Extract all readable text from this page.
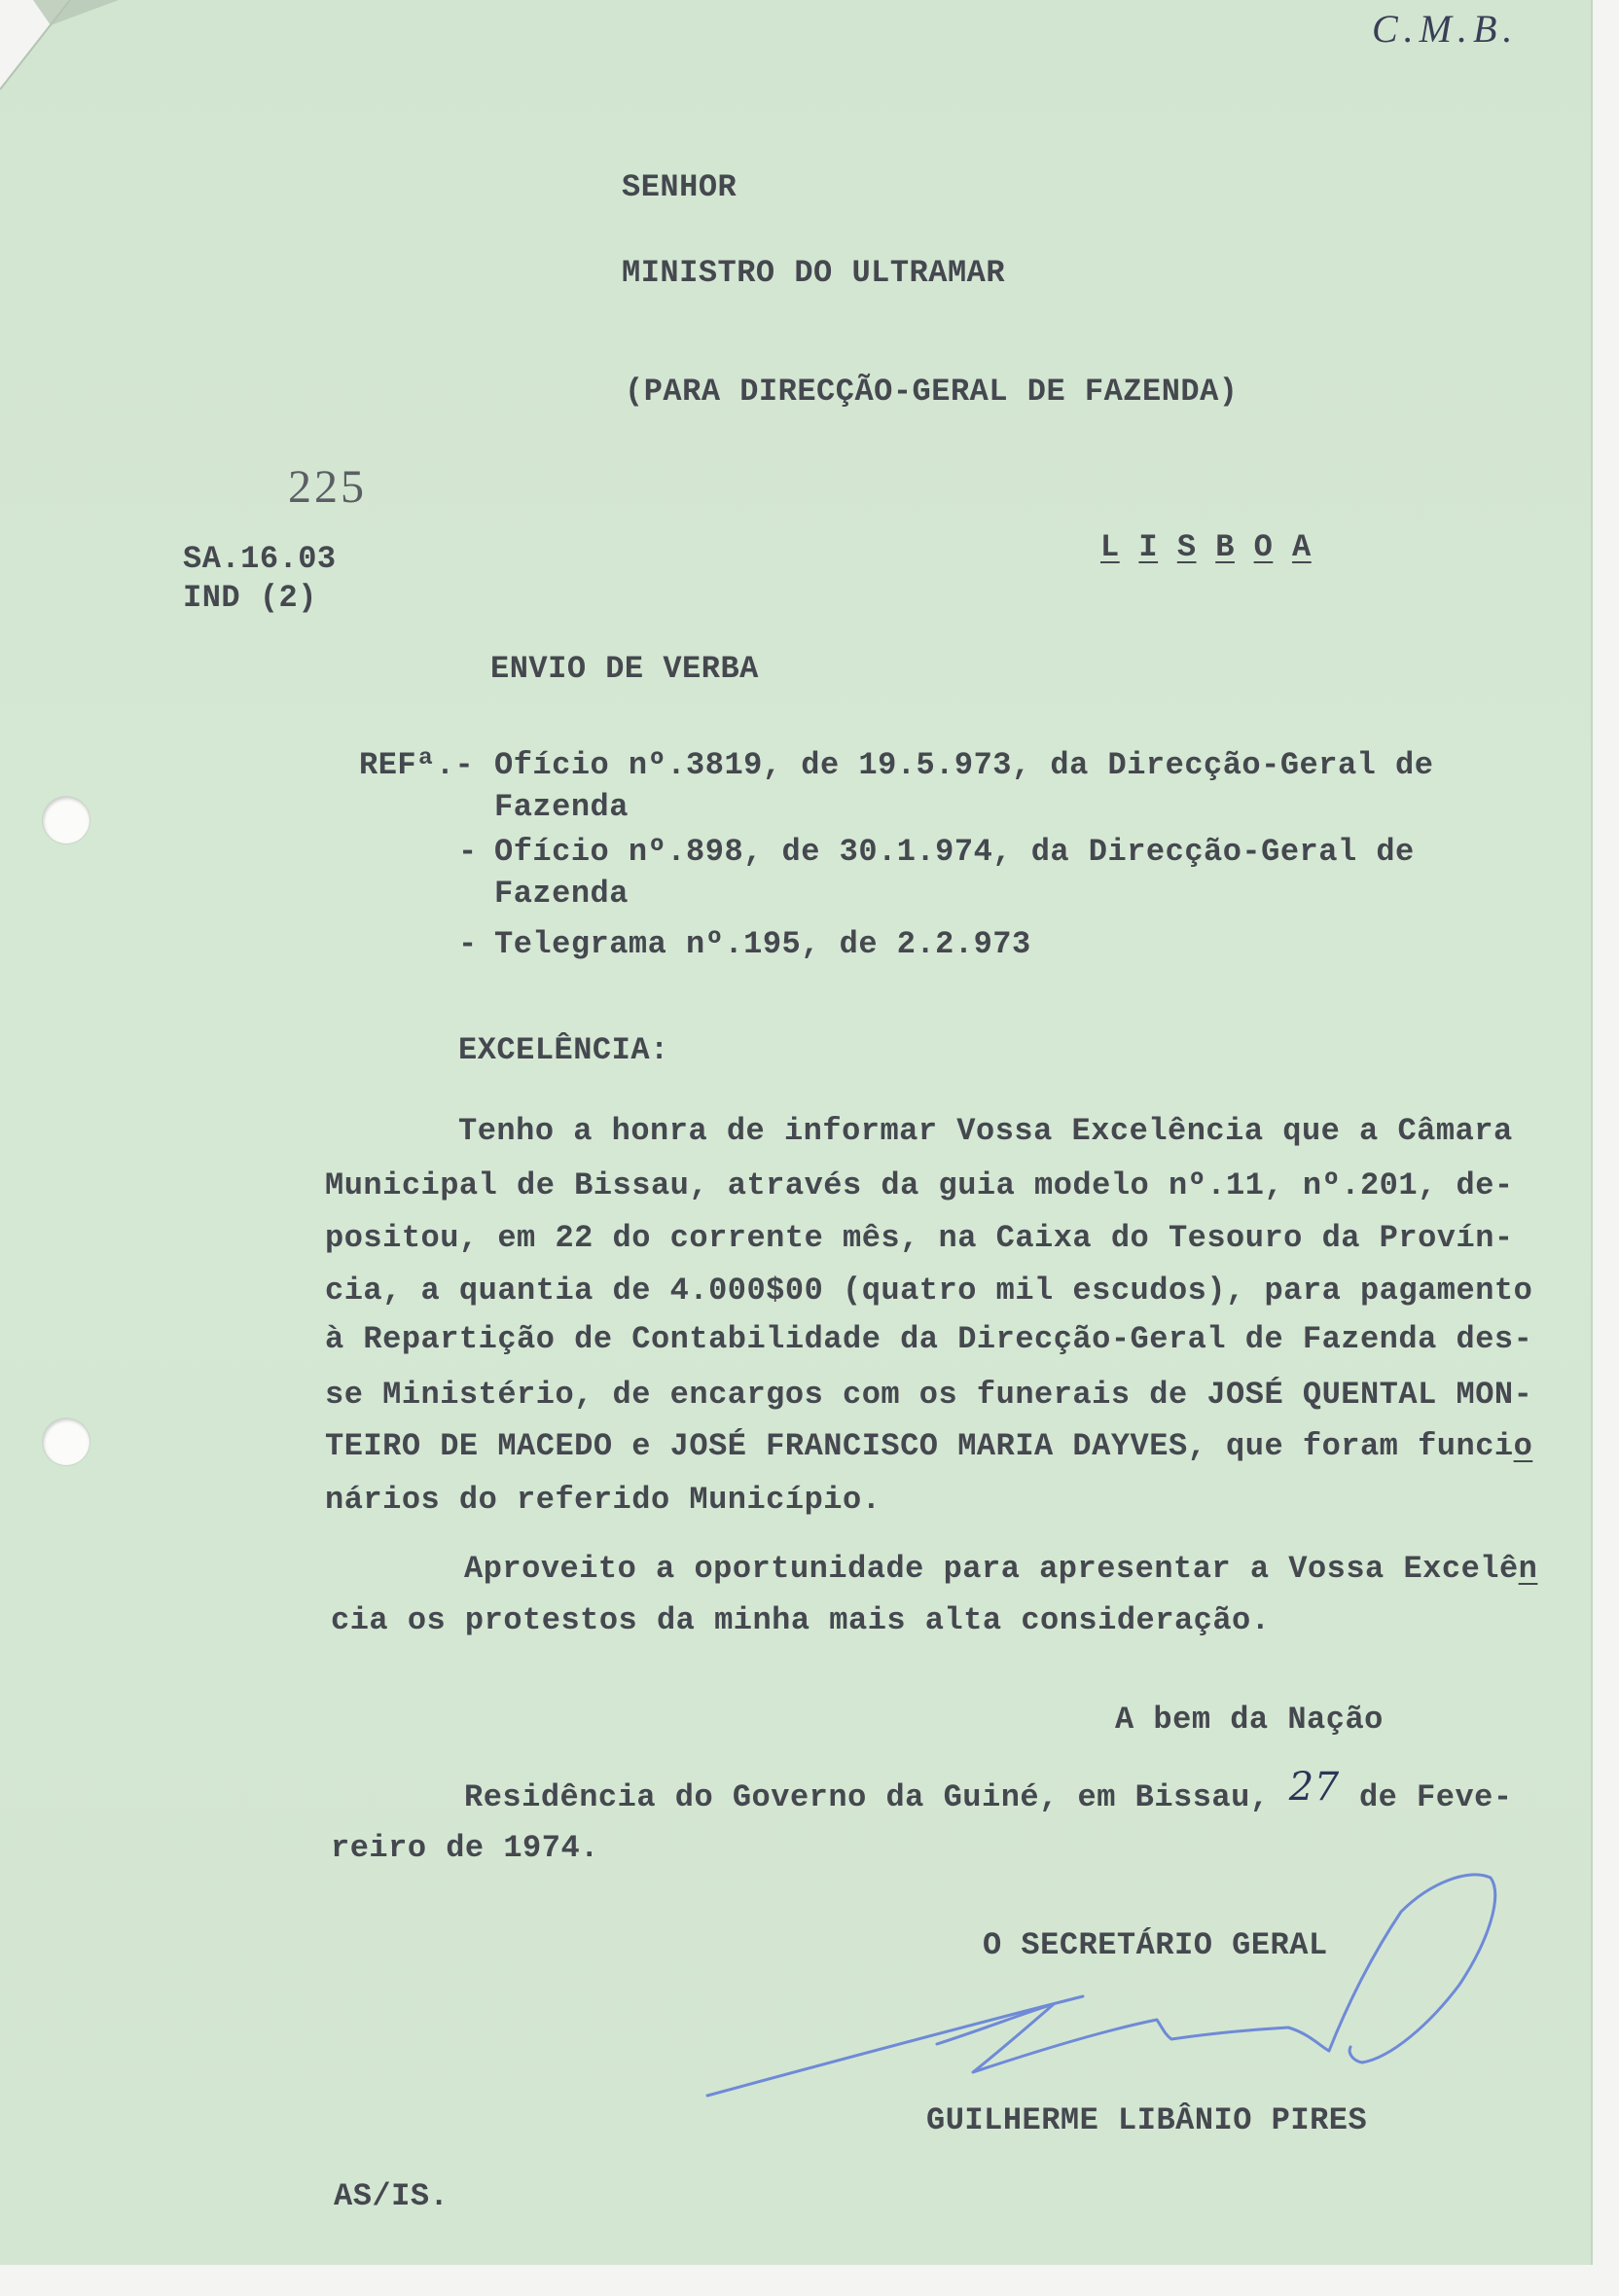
C.M.B.
SENHOR
MINISTRO DO ULTRAMAR
(PARA DIRECÇÃO-GERAL DE FAZENDA)
225
SA.16.03
IND (2)
L I S B O A
ENVIO DE VERBA
REFª.- Ofício nº.3819, de 19.5.973, da Direcção-Geral de
Fazenda
- Ofício nº.898, de 30.1.974, da Direcção-Geral de
Fazenda
- Telegrama nº.195, de 2.2.973
EXCELÊNCIA:
Tenho a honra de informar Vossa Excelência que a Câmara
Municipal de Bissau, através da guia modelo nº.11, nº.201, de-
positou, em 22 do corrente mês, na Caixa do Tesouro da Provín-
cia, a quantia de 4.000$00 (quatro mil escudos), para pagamento
à Repartição de Contabilidade da Direcção-Geral de Fazenda des-
se Ministério, de encargos com os funerais de JOSÉ QUENTAL MON-
TEIRO DE MACEDO e JOSÉ FRANCISCO MARIA DAYVES, que foram funcio
nários do referido Município.
Aproveito a oportunidade para apresentar a Vossa Excelên
cia os protestos da minha mais alta consideração.
A bem da Nação
Residência do Governo da Guiné, em Bissau, 27 de Feve-
reiro de 1974.
O SECRETÁRIO GERAL
GUILHERME LIBÂNIO PIRES
AS/IS.
